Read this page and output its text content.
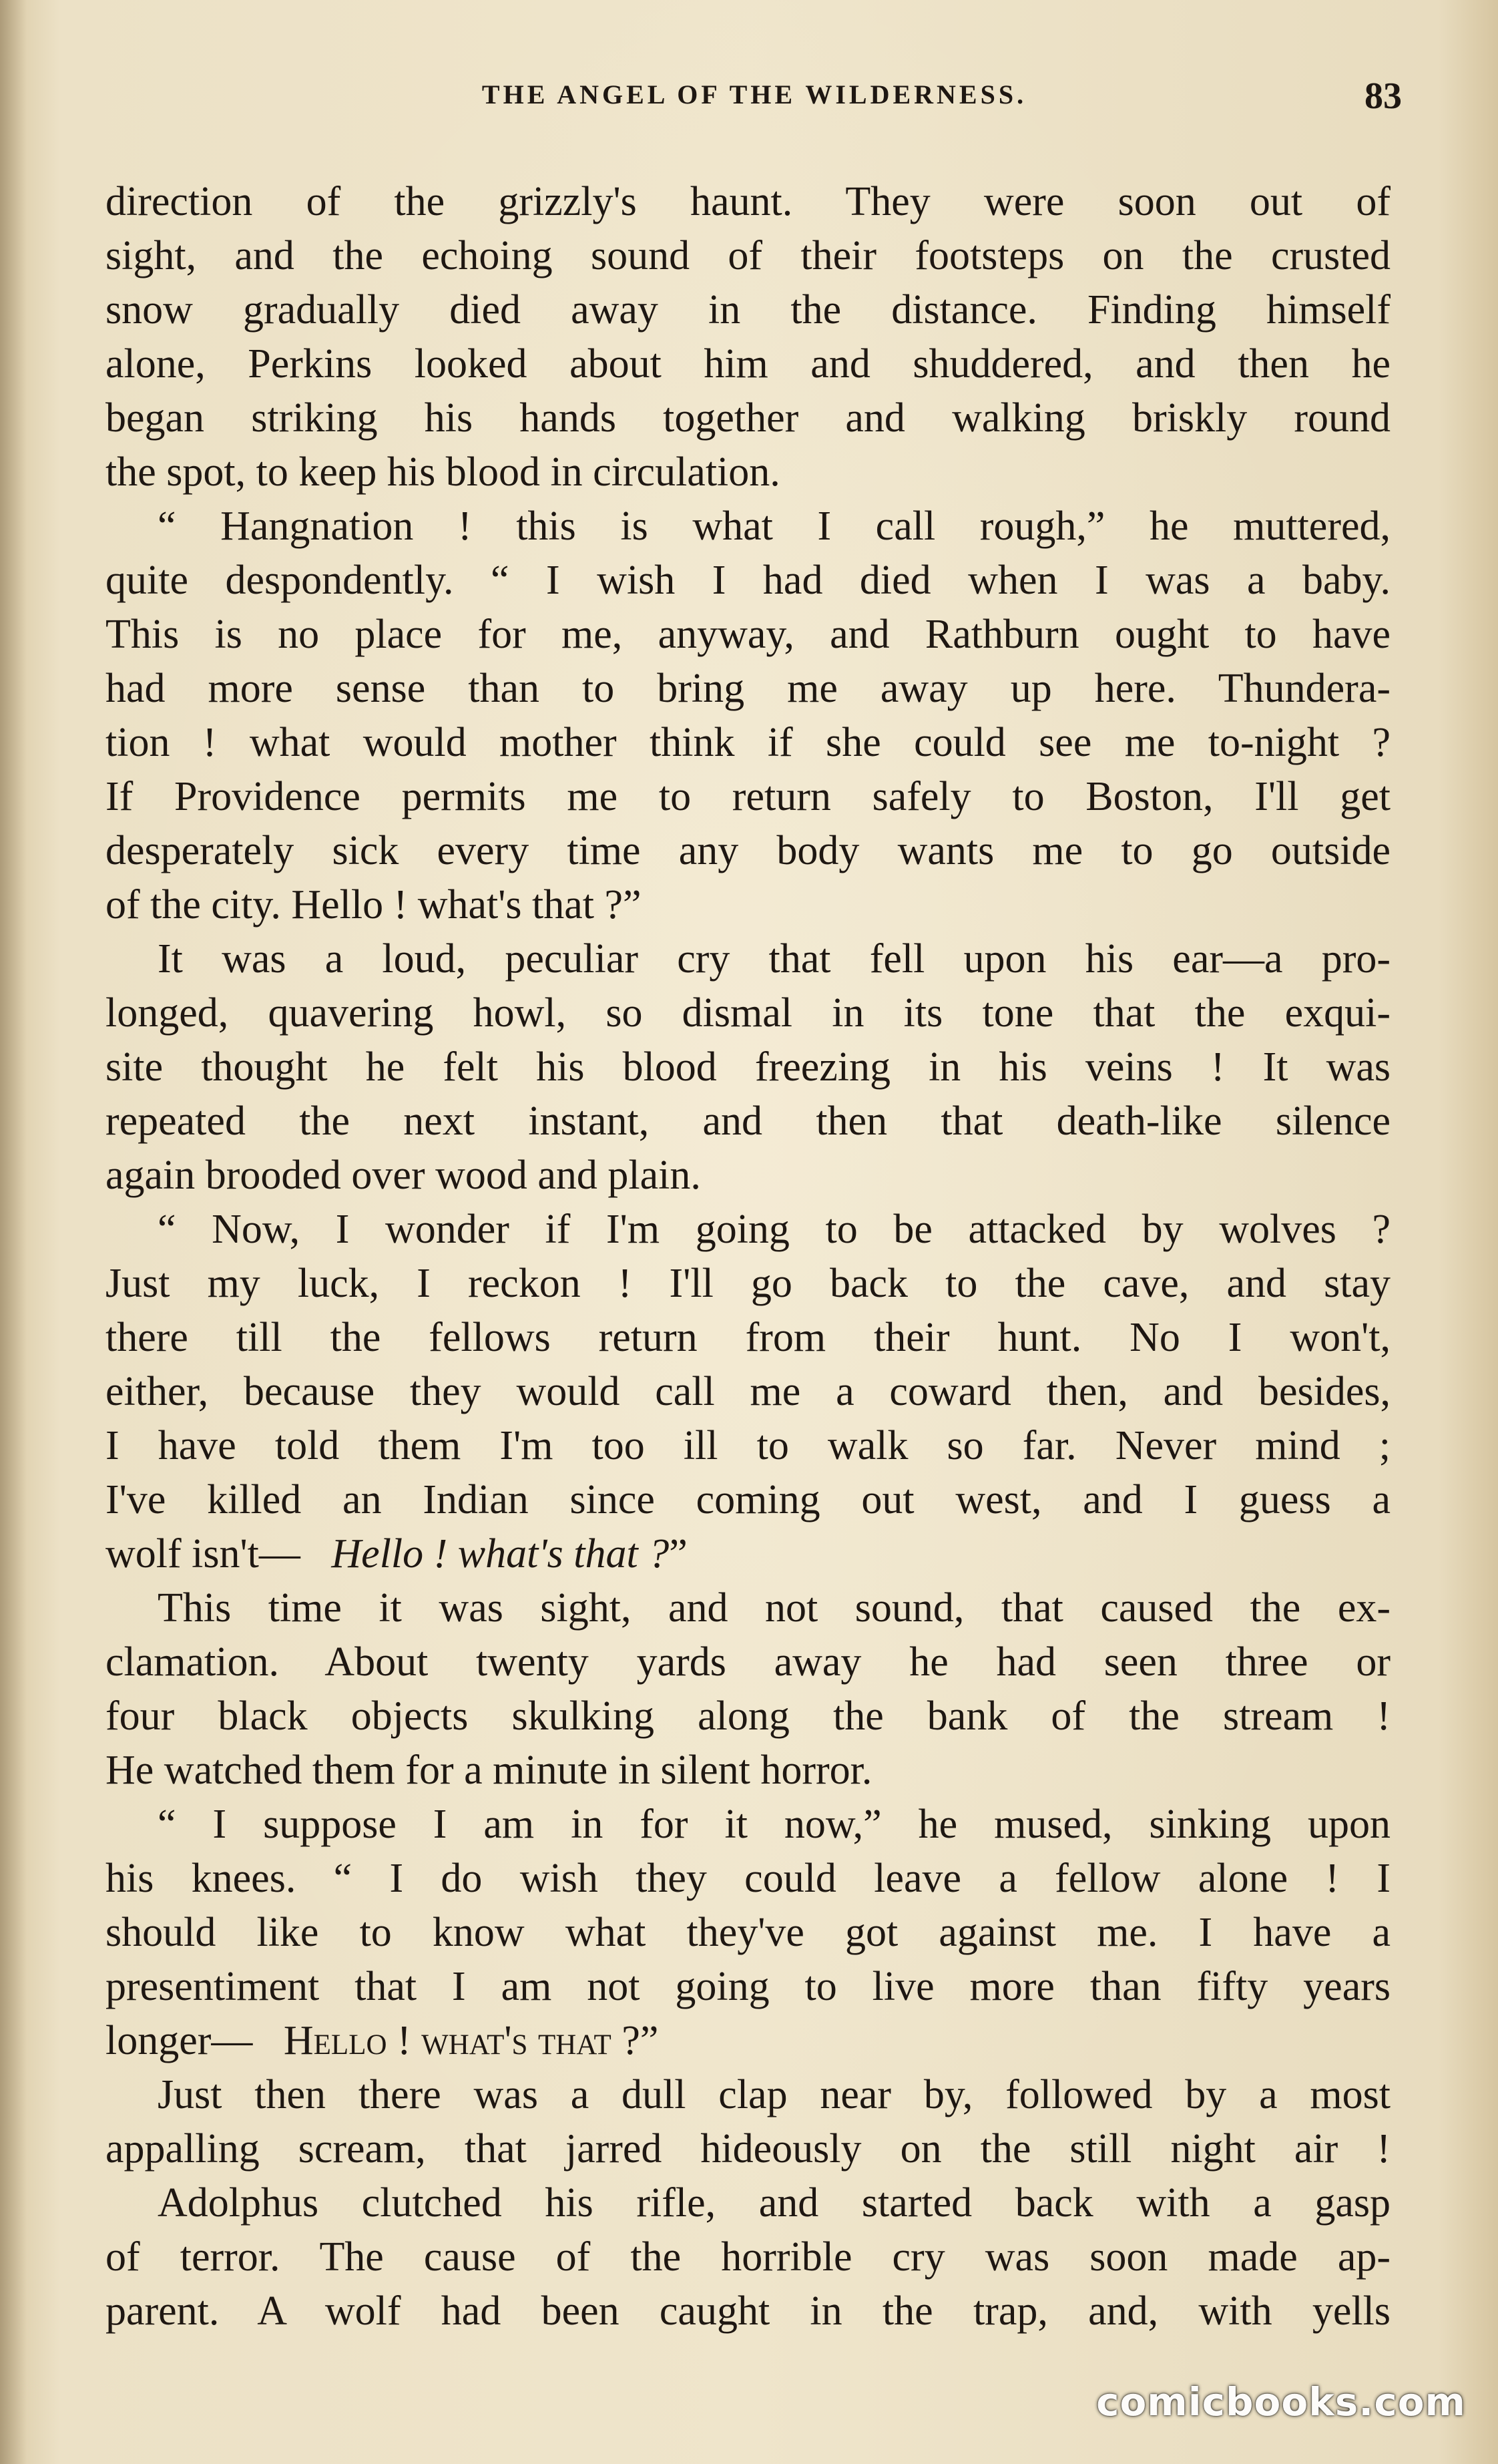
THE ANGEL OF THE WILDERNESS.	83
direction of the grizzly's haunt. They were soon out of
sight, and the echoing sound of their footsteps on the crusted
snow gradually died away in the distance. Finding himself
alone, Perkins looked about him and shuddered, and then he
began striking his hands together and walking briskly round
the spot, to keep his blood in circulation.
“ Hangnation ! this is what I call rough,” he muttered,
quite despondently. “ I wish I had died when I was a baby.
This is no place for me, anyway, and Rathburn ought to have
had more sense than to bring me away up here. Thundera-
tion ! what would mother think if she could see me to-night ?
If Providence permits me to return safely to Boston, I'll get
desperately sick every time any body wants me to go outside
of the city. Hello ! what's that ?”
It was a loud, peculiar cry that fell upon his ear—a pro-
longed, quavering howl, so dismal in its tone that the exqui-
site thought he felt his blood freezing in his veins ! It was
repeated the next instant, and then that death-like silence
again brooded over wood and plain.
“ Now, I wonder if I'm going to be attacked by wolves ?
Just my luck, I reckon ! I'll go back to the cave, and stay
there till the fellows return from their hunt. No I won't,
either, because they would call me a coward then, and besides,
I have told them I'm too ill to walk so far. Never mind ;
I've killed an Indian since coming out west, and I guess a
wolf isn't— Hello ! what's that ?”
This time it was sight, and not sound, that caused the ex-
clamation. About twenty yards away he had seen three or
four black objects skulking along the bank of the stream !
He watched them for a minute in silent horror.
“ I suppose I am in for it now,” he mused, sinking upon
his knees. “ I do wish they could leave a fellow alone ! I
should like to know what they've got against me. I have a
presentiment that I am not going to live more than fifty years
longer— Hello ! what's that ?”
Just then there was a dull clap near by, followed by a most
appalling scream, that jarred hideously on the still night air !
Adolphus clutched his rifle, and started back with a gasp
of terror. The cause of the horrible cry was soon made ap-
parent. A wolf had been caught in the trap, and, with yells
comicbooks.com
